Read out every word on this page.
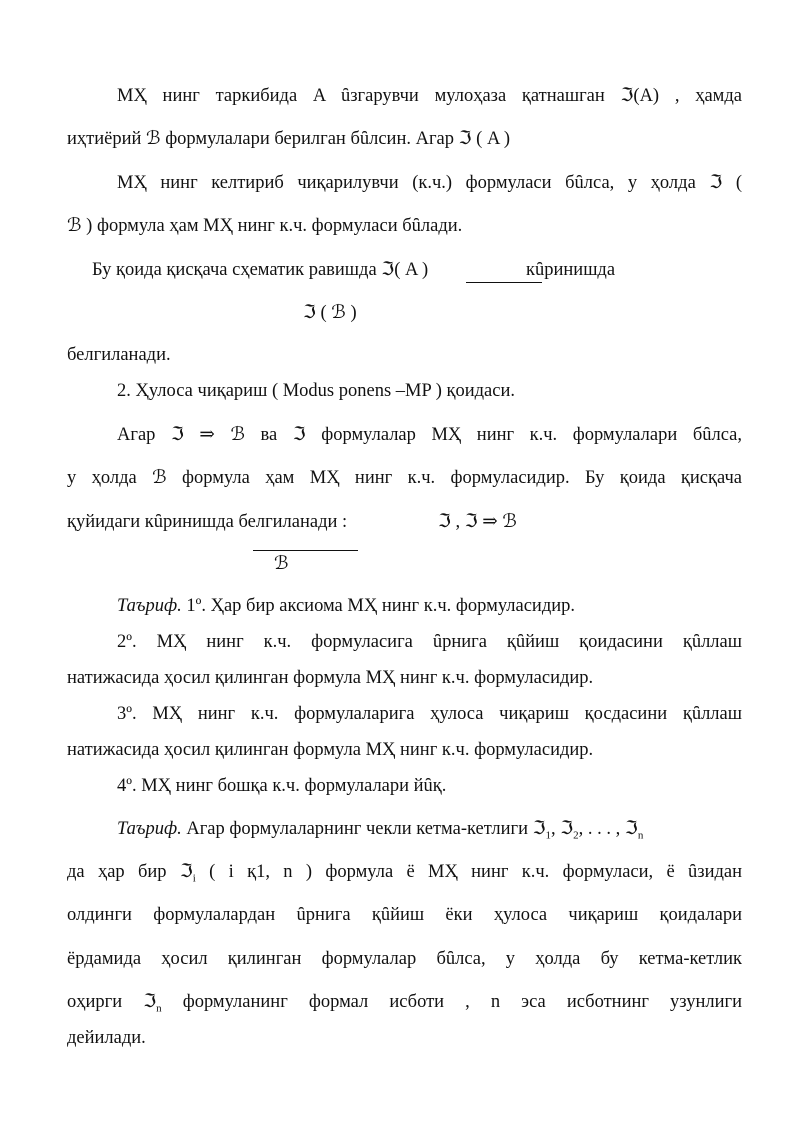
МҲ нинг таркибида A ȗзгарувчи мулоҳаза қатнашган ℑ(A) , ҳамда
иҳтиёрий ℬ формулалари берилган бȗлсин. Агар ℑ ( A )
МҲ нинг келтириб чиқарилувчи (к.ч.) формуласи бȗлса, у ҳолда ℑ (
ℬ ) формула ҳам МҲ нинг к.ч. формуласи бȗлади.
Бу қоида қисқача сҳематик равишда ℑ( A )	кȗринишда
ℑ ( ℬ )
белгиланади.
2. Ҳулоса чиқариш ( Modus ponens –MP ) қоидаси.
Агар ℑ ⇒ ℬ ва ℑ формулалар МҲ нинг к.ч. формулалари бȗлса,
у ҳолда ℬ формула ҳам МҲ нинг к.ч. формуласидир. Бу қоида қисқача
қуйидаги кȗринишда белгиланади :	ℑ , ℑ ⇒ ℬ
ℬ
Таъриф. 1º. Ҳар бир аксиома МҲ нинг к.ч. формуласидир.
2º. МҲ нинг к.ч. формуласига ȗрнига қȗйиш қоидасини қȗллаш
натижасида ҳосил қилинган формула МҲ нинг к.ч. формуласидир.
3º. МҲ нинг к.ч. формулаларига ҳулоса чиқариш қосдасини қȗллаш
натижасида ҳосил қилинган формула МҲ нинг к.ч. формуласидир.
4º. МҲ нинг бошқа к.ч. формулалари йȗқ.
Таъриф. Агар формулаларнинг чекли кетма-кетлиги ℑ$_1$, ℑ$_2$, . . . , ℑ$_n$
да ҳар бир ℑ$_i$ ( i қ1, n ) формула ё МҲ нинг к.ч. формуласи, ё ȗзидан
олдинги формулалардан ȗрнига қȗйиш ёки ҳулоса чиқариш қоидалари
ёрдамида ҳосил қилинган формулалар бȗлса, у ҳолда бу кетма-кетлик
оҳирги ℑ$_n$ формуланинг формал исботи , n эса исботнинг узунлиги
дейилади.
